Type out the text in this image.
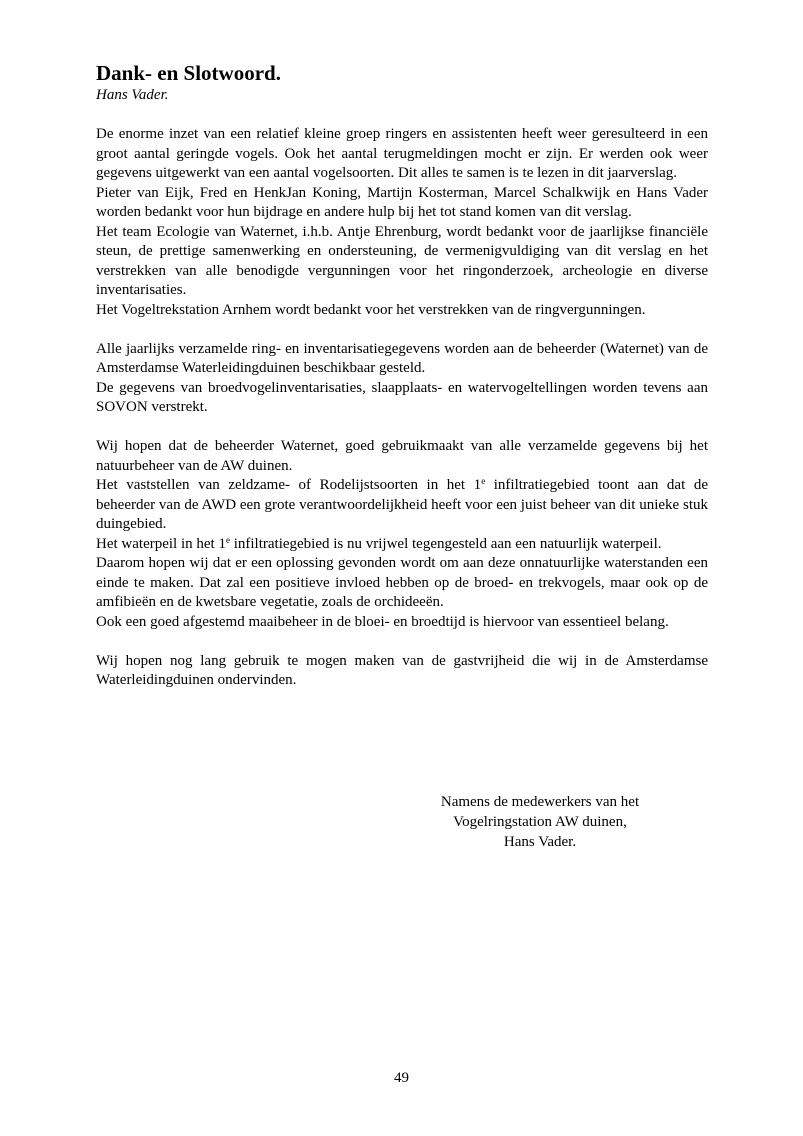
Dank- en Slotwoord.
Hans Vader.

De enorme inzet van een relatief kleine groep ringers en assistenten heeft weer geresulteerd in een groot aantal geringde vogels. Ook het aantal terugmeldingen mocht er zijn. Er werden ook weer gegevens uitgewerkt van een aantal vogelsoorten. Dit alles te samen is te lezen in dit jaarverslag.

Pieter van Eijk, Fred en HenkJan Koning, Martijn Kosterman, Marcel Schalkwijk en Hans Vader worden bedankt voor hun bijdrage en andere hulp bij het tot stand komen van dit verslag.

Het team Ecologie van Waternet, i.h.b. Antje Ehrenburg, wordt bedankt voor de jaarlijkse financiële steun, de prettige samenwerking en ondersteuning, de vermenigvuldiging van dit verslag en het verstrekken van alle benodigde vergunningen voor het ringonderzoek, archeologie en diverse inventarisaties.

Het Vogeltrekstation Arnhem wordt bedankt voor het verstrekken van de ringvergunningen.

Alle jaarlijks verzamelde ring- en inventarisatiegegevens worden aan de beheerder (Waternet) van de Amsterdamse Waterleidingduinen beschikbaar gesteld.

De gegevens van broedvogelinventarisaties, slaapplaats- en watervogeltellingen worden tevens aan SOVON verstrekt.

Wij hopen dat de beheerder Waternet, goed gebruikmaakt van alle verzamelde gegevens bij het natuurbeheer van de AW duinen.

Het vaststellen van zeldzame- of Rodelijstsoorten in het 1e infiltratiegebied toont aan dat de beheerder van de AWD een grote verantwoordelijkheid heeft voor een juist beheer van dit unieke stuk duingebied.

Het waterpeil in het 1e infiltratiegebied is nu vrijwel tegengesteld aan een natuurlijk waterpeil.

Daarom hopen wij dat er een oplossing gevonden wordt om aan deze onnatuurlijke waterstanden een einde te maken. Dat zal een positieve invloed hebben op de broed- en trekvogels, maar ook op de amfibieën en de kwetsbare vegetatie, zoals de orchideeën.

Ook een goed afgestemd maaibeheer in de bloei- en broedtijd is hiervoor van essentieel belang.

Wij hopen nog lang gebruik te mogen maken van de gastvrijheid die wij in de Amsterdamse Waterleidingduinen ondervinden.

Namens de medewerkers van het
Vogelringstation AW duinen,
Hans Vader.
49
